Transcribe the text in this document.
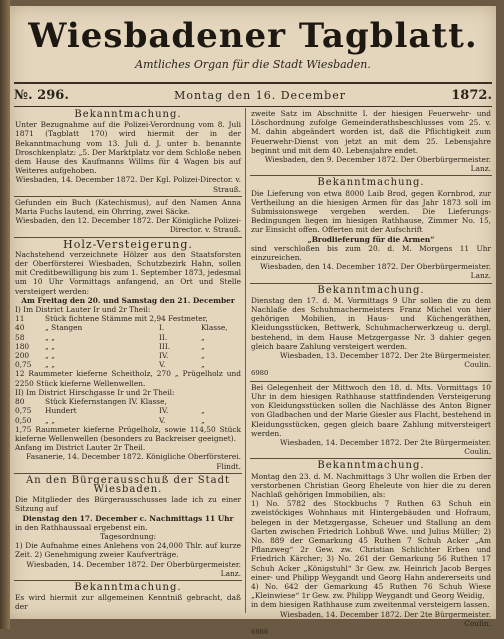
Wiesbadener Tagblatt.
Amtliches Organ für die Stadt Wiesbaden.
№. 296.	Montag den 16. December	1872.
Bekanntmachung.

Unter Bezugnahme auf die Polizei-Verordnung vom 8. Juli 1871 (Tagblatt 170) wird hiermit der in der Bekanntmachung vom 13. Juli d. J. unter b. benannte Droschkenplatz: „5. Der Marktplatz vor dem Schloße neben dem Hause des Kaufmanns Willms für 4 Wagen bis auf Weiteres aufgehoben.

Wiesbaden, 14. December 1872. Der Kgl. Polizei-Director. v. Strauß.

Gefunden ein Buch (Katechismus), auf den Namen Anna Maria Fuchs lautend, ein Ohrring, zwei Säcke.

Wiesbaden, den 12. December 1872. Der Königliche Polizei-Director. v. Strauß.

Holz-Versteigerung.

Nachstehend verzeichnete Hölzer aus den Staatsforsten der Oberförsterei Wiesbaden, Schutzbezirk Hahn, sollen mit Creditbewilligung bis zum 1. September 1873, jedesmal um 10 Uhr Vormittags anfangend, an Ort und Stelle versteigert werden:

Am Freitag den 20. und Samstag den 21. December

I) Im District Lauter Ir und 2r Theil:

11	Stück fichtene Stämme mit 2,94 Festmeter,
40	„ Stangen	I.	Klasse,
58	„ „	II.	„
180	„ „	III.	„
200	„ „	IV.	„
0,75	„ „	V.	„

12 Raummeter kieferne Scheitholz, 270 „ Prügelholz und 2250 Stück kieferne Wellenwellen.

II) Im District Hirschgasse Ir und 2r Theil:

80	Stück Kiefernstangen IV. Klasse,
0,75	Hundert	IV.	„
0,50	„ „	V.	„

1,75 Raummeter kieferne Prügelholz, sowie 114,50 Stück kieferne Wellenwellen (besonders zu Backreiser geeignet).

Anfang im District Lauter 2r Theil.

Fasanerie, 14. December 1872. Königliche Oberförsterei. Flindt.

An den Bürgerausschuß der Stadt Wiesbaden.

Die Mitglieder des Bürgerausschusses lade ich zu einer Sitzung auf

Dienstag den 17. December c. Nachmittags 11 Uhr

in den Rathhaussaal ergebenst ein.

Tagesordnung:

1) Die Aufnahme eines Anlehens von 24,000 Thlr. auf kurze Zeit. 2) Genehmigung zweier Kaufverträge.

Wiesbaden, 14. December 1872. Der Oberbürgermeister. Lanz.

Bekanntmachung.

Es wird hiermit zur allgemeinen Kenntniß gebracht, daß der

zweite Satz im Abschnitte I. der hiesigen Feuerwehr- und Löschordnung zufolge Gemeinderathsbeschlusses vom 25. v. M. dahin abgeändert worden ist, daß die Pflichtigkeit zum Feuerwehr-Dienst von jetzt an mit dem 25. Lebensjahre beginnt und mit dem 40. Lebensjahre endet.

Wiesbaden, den 9. December 1872. Der Oberbürgermeister. Lanz.

Bekanntmachung.

Die Lieferung von etwa 8000 Laib Brod, gegen Kornbrod, zur Vertheilung an die hiesigen Armen für das Jahr 1873 soll im Submissionswege vergeben werden. Die Lieferungs-Bedingungen liegen im hiesigen Rathhause, Zimmer No. 15, zur Einsicht offen. Offerten mit der Aufschrift

„Brodlieferung für die Armen“

sind verschloßen bis zum 20. d. M. Morgens 11 Uhr einzureichen.

Wiesbaden, den 14. December 1872. Der Oberbürgermeister. Lanz.

Bekanntmachung.

Dienstag den 17. d. M. Vormittags 9 Uhr sollen die zu dem Nachlaße des Schuhmachermeisters Franz Michel von hier gehörigen Mobilien, in Haus- und Küchengeräthen, Kleidungsstücken, Bettwerk, Schuhmacherwerkzeug u. dergl. bestehend, in dem Hause Metzgergasse Nr. 3 dahier gegen gleich baare Zahlung versteigert werden.

Wiesbaden, 13. December 1872. Der 2te Bürgermeister. Coulin.

6980

Bei Gelegenheit der Mittwoch den 18. d. Mts. Vormittags 10 Uhr in dem hiesigen Rathhause stattfindenden Versteigerung von Kleidungsstücken sollen die Nachlässe des Anton Bigner von Gladbachen und der Marie Giesler aus Flacht, bestehend in Kleidungsstücken, gegen gleich baare Zahlung mitversteigert werden.

Wiesbaden, 14. December 1872. Der 2te Bürgermeister. Coulin.

Bekanntmachung.

Montag den 23. d. M. Nachmittags 3 Uhr wollen die Erben der verstorbenen Christian Georg Eheleute von hier die zu deren Nachlaß gehörigen Immobilien, als:

1) No. 5782 des Stockbuchs 7 Ruthen 63 Schuh ein zweistöckiges Wohnhaus mit Hintergebäuden und Hofraum, belegen in der Metzgergasse, Scheuer und Stallung an dem Garten zwischen Friedrich Lohbuß Wwe. und Julius Müller; 2) No. 889 der Gemarkung 45 Ruthen 7 Schuh Acker „Am Pflanzweg“ 2r Gew. zw. Christian Schlichter Erben und Friedrich Kärcher; 3) No. 261 der Gemarkung 56 Ruthen 17 Schuh Acker „Königstuhl“ 3r Gew. zw. Heinrich Jacob Berges einer- und Philipp Weygandt und Georg Hahn andererseits und 4) No. 642 der Gemarkung 45 Ruthen 76 Schuh Wiese „Kleinwiese“ 1r Gew. zw. Philipp Weygandt und Georg Weidig,

in dem hiesigen Rathhause zum zweitenmal versteigern lassen.

Wiesbaden, 14. December 1872. Der 2te Bürgermeister. Coulin.

6986
